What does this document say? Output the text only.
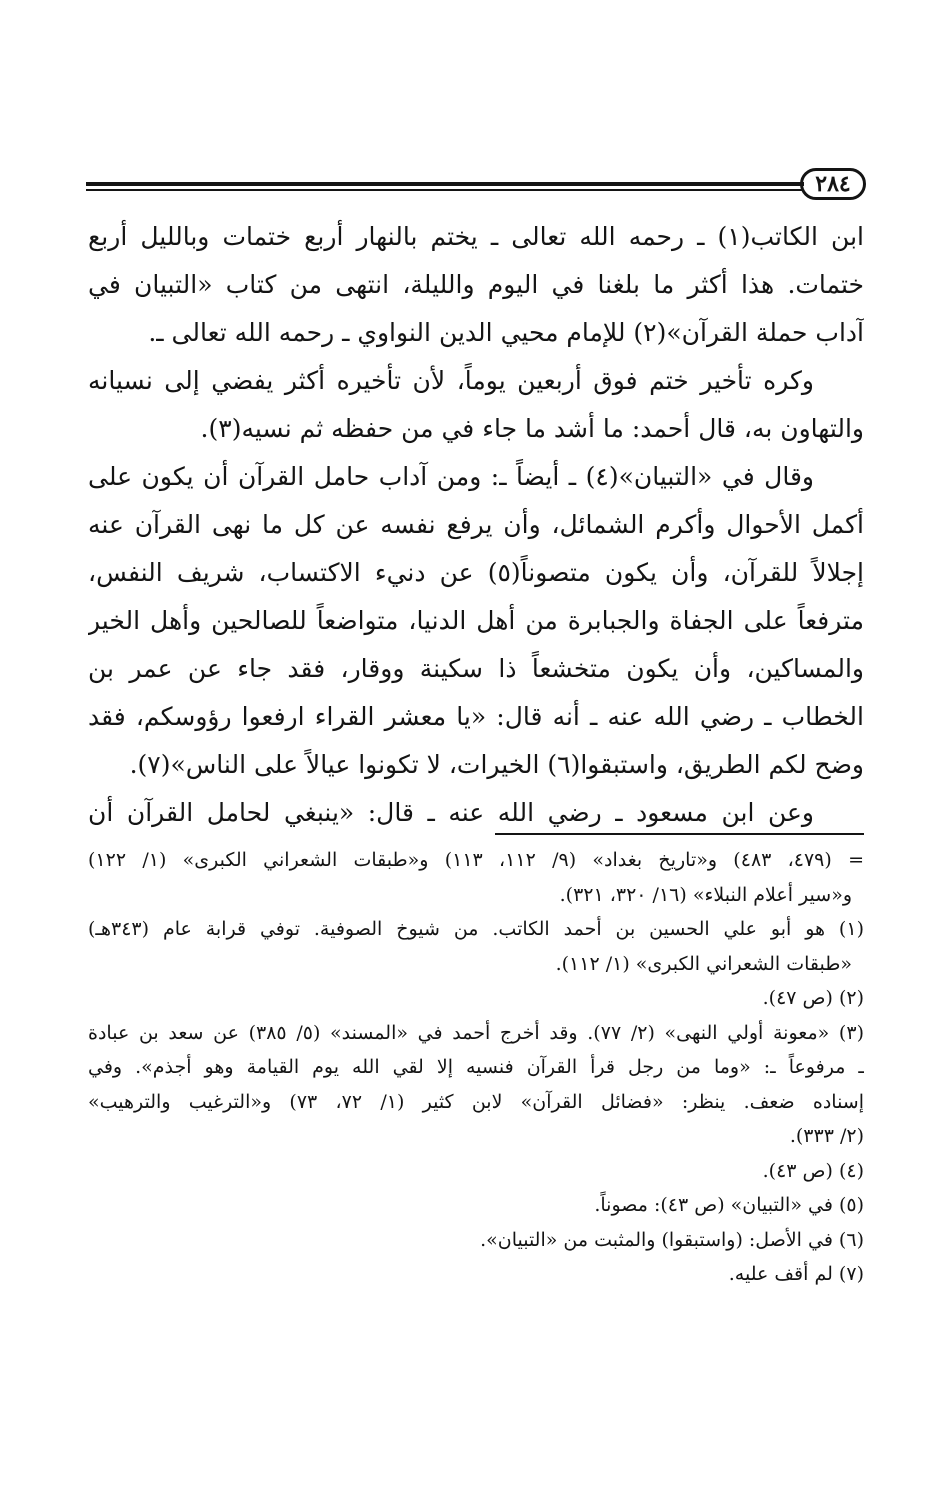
٢٨٤
ابن الكاتب(١) ـ رحمه الله تعالى ـ يختم بالنهار أربع ختمات وبالليل أربع
ختمات. هذا أكثر ما بلغنا في اليوم والليلة، انتهى من كتاب «التبيان في
آداب حملة القرآن»(٢) للإمام محيي الدين النواوي ـ رحمه الله تعالى ـ.
وكره تأخير ختم فوق أربعين يوماً، لأن تأخيره أكثر يفضي إلى نسيانه
والتهاون به، قال أحمد: ما أشد ما جاء في من حفظه ثم نسيه(٣).
وقال في «التبيان»(٤) ـ أيضاً ـ: ومن آداب حامل القرآن أن يكون على
أكمل الأحوال وأكرم الشمائل، وأن يرفع نفسه عن كل ما نهى القرآن عنه
إجلالاً للقرآن، وأن يكون متصوناً(٥) عن دنيء الاكتساب، شريف النفس،
مترفعاً على الجفاة والجبابرة من أهل الدنيا، متواضعاً للصالحين وأهل الخير
والمساكين، وأن يكون متخشعاً ذا سكينة ووقار، فقد جاء عن عمر بن
الخطاب ـ رضي الله عنه ـ أنه قال: «يا معشر القراء ارفعوا رؤوسكم، فقد
وضح لكم الطريق، واستبقوا(٦) الخيرات، لا تكونوا عيالاً على الناس»(٧).
وعن ابن مسعود ـ رضي الله عنه ـ قال: «ينبغي لحامل القرآن أن
= (٤٧٩، ٤٨٣) و«تاريخ بغداد» (٩/ ١١٢، ١١٣) و«طبقات الشعراني الكبرى» (١/ ١٢٢)
و«سير أعلام النبلاء» (١٦/ ٣٢٠، ٣٢١).
(١) هو أبو علي الحسين بن أحمد الكاتب. من شيوخ الصوفية. توفي قرابة عام (٣٤٣هـ)
«طبقات الشعراني الكبرى» (١/ ١١٢).
(٢) (ص ٤٧).
(٣) «معونة أولي النهى» (٢/ ٧٧). وقد أخرج أحمد في «المسند» (٥/ ٣٨٥) عن سعد بن عبادة
ـ مرفوعاً ـ: «وما من رجل قرأ القرآن فنسيه إلا لقي الله يوم القيامة وهو أجذم». وفي
إسناده ضعف. ينظر: «فضائل القرآن» لابن كثير (١/ ٧٢، ٧٣) و«الترغيب والترهيب»
(٢/ ٣٣٣).
(٤) (ص ٤٣).
(٥) في «التبيان» (ص ٤٣): مصوناً.
(٦) في الأصل: (واستبقوا) والمثبت من «التبيان».
(٧) لم أقف عليه.
